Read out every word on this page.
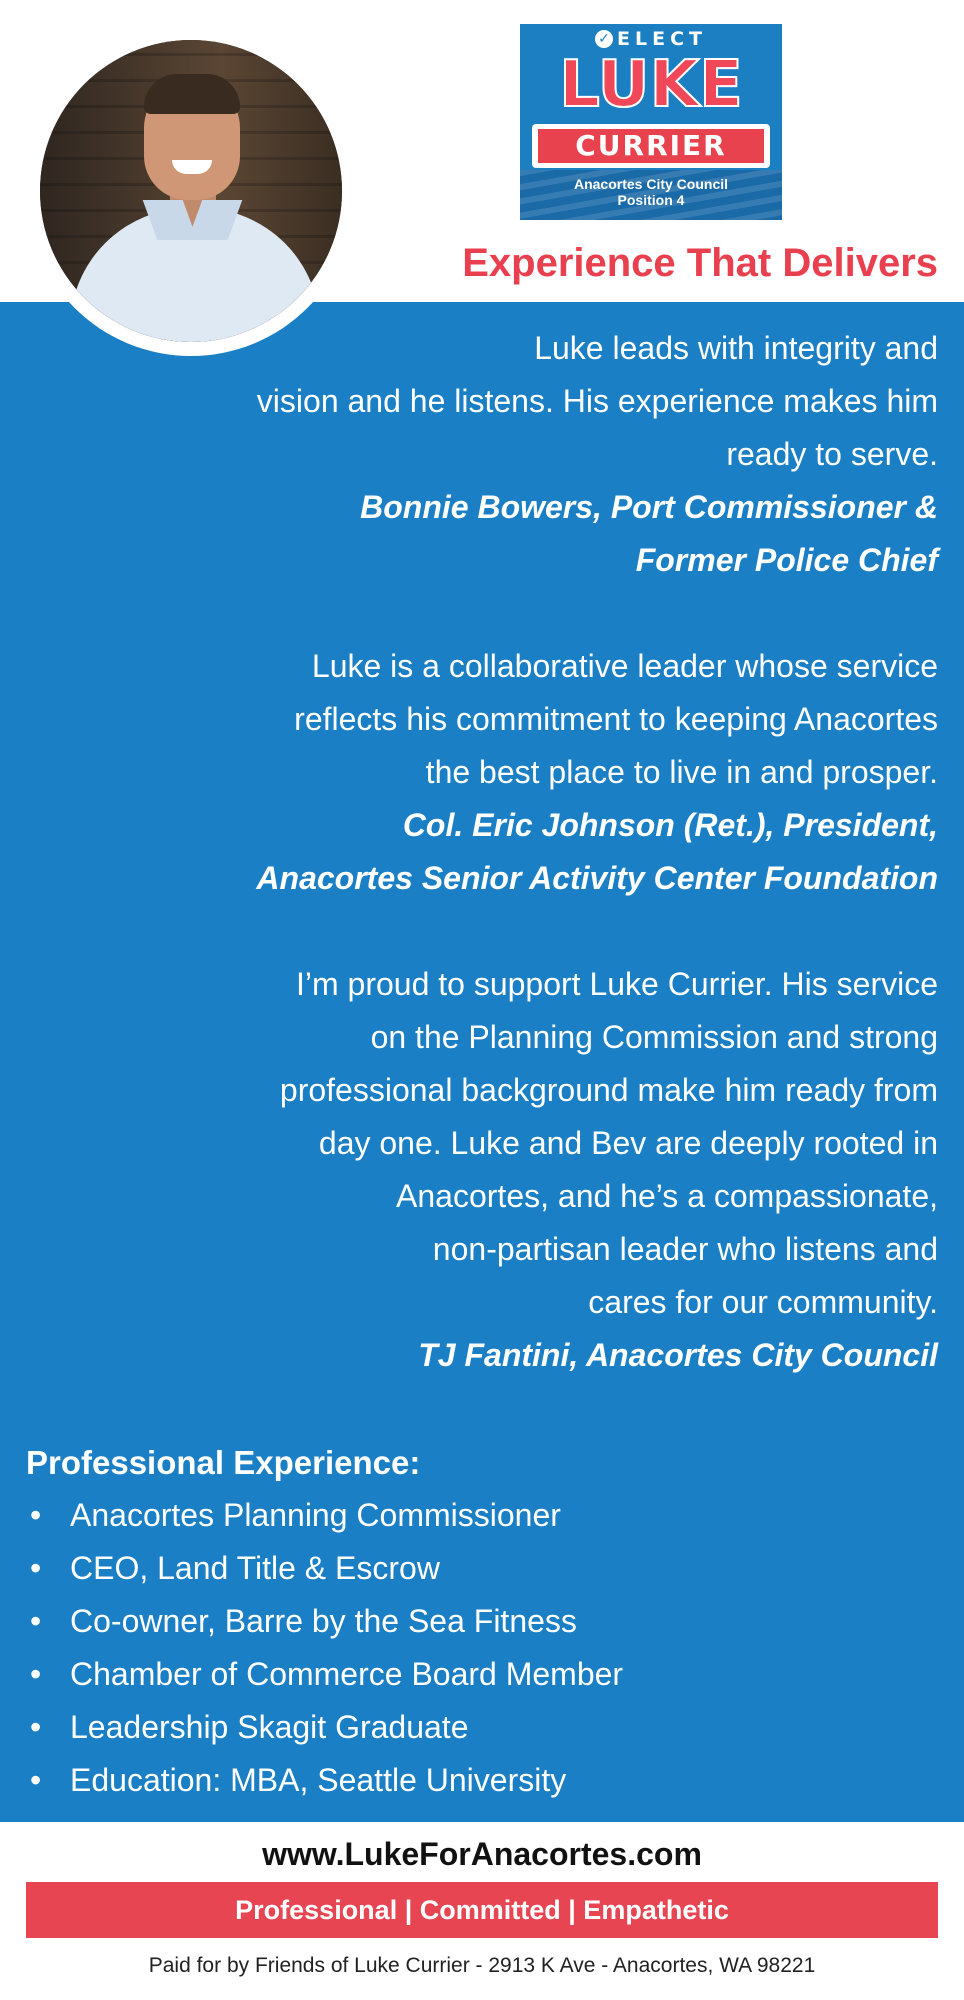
✓ ELECT
LUKE
CURRIER
Anacortes City Council
Position 4
Experience That Delivers

Luke leads with integrity and

vision and he listens. His experience makes him

ready to serve.

Bonnie Bowers, Port Commissioner &

Former Police Chief

Luke is a collaborative leader whose service

reflects his commitment to keeping Anacortes

the best place to live in and prosper.

Col. Eric Johnson (Ret.), President,

Anacortes Senior Activity Center Foundation

I’m proud to support Luke Currier. His service

on the Planning Commission and strong

professional background make him ready from

day one. Luke and Bev are deeply rooted in

Anacortes, and he’s a compassionate,

non-partisan leader who listens and

cares for our community.

TJ Fantini, Anacortes City Council

Professional Experience:
• Anacortes Planning Commissioner
• CEO, Land Title & Escrow
• Co-owner, Barre by the Sea Fitness
• Chamber of Commerce Board Member
• Leadership Skagit Graduate
• Education: MBA, Seattle University
www.LukeForAnacortes.com
Professional | Committed | Empathetic
Paid for by Friends of Luke Currier - 2913 K Ave - Anacortes, WA 98221
